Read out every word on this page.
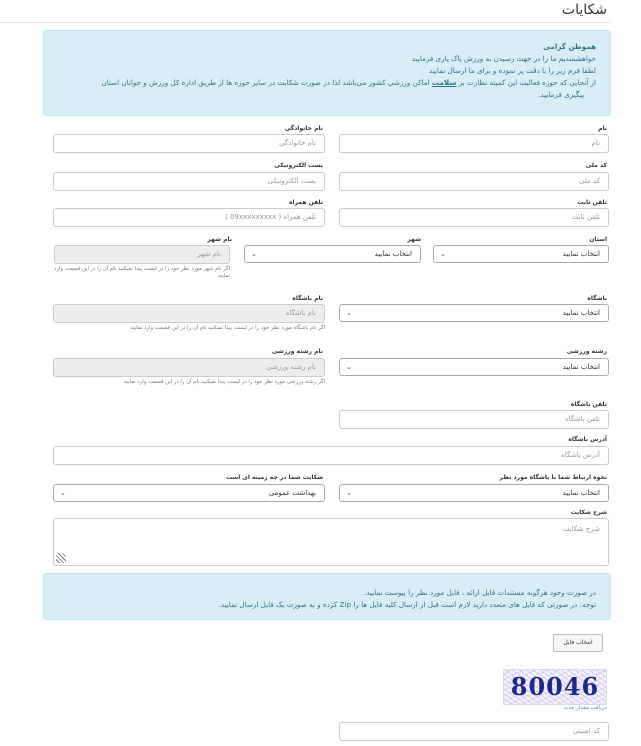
شکایات
هموطن گرامی
خواهشمندیم ما را در جهت رسیدن به ورزش پاک یاری فرمایید
لطفا فرم زیر را با دقت پر نموده و برای ما ارسال نمایید
از آنجایی که حوزه فعالیت این کمیته نظارت بر سلامت اماکن ورزشی کشور می‌باشد لذا در صورت شکایت در سایر حوزه ها از طریق اداره کل ورزش و جوانان استان
پیگیری فرمایید.
نام
نام
نام خانوادگی
نام خانوادگی
کد ملی
کد ملی
پست الکترونیکی
پست الکترونیکی
تلفن ثابت
تلفن ثابت
تلفن همراه
تلفن همراه ( 09xxxxxxxxx )
استان
انتخاب نمایید
⌄
شهر
انتخاب نمایید
⌄
نام شهر
نام شهر
اگر نام شهر مورد نظر خود را در لیست پیدا نمیکنید نام آن را در این قسمت وارد نمایید
باشگاه
انتخاب نمایید
⌄
نام باشگاه
نام باشگاه
اگر نام باشگاه مورد نظر خود را در لیست پیدا نمیکنید نام آن را در این قسمت وارد نمایید
رشته ورزشی
انتخاب نمایید
⌄
نام رشته ورزشی
نام رشته ورزشی
اگر رشته ورزشی مورد نظر خود را در لیست پیدا نمیکنید نام آن را در این قسمت وارد نمایید
تلفن باشگاه
تلفن باشگاه
آدرس باشگاه
آدرس باشگاه
نحوه ارتباط شما با باشگاه مورد نظر
انتخاب نمایید
⌄
شکایت شما در چه زمینه ای است
بهداشت عمومی
⌄
شرح شکایت
شرح شکایت
در صورت وجود هرگونه مستندات قابل ارائه ، فایل مورد نظر را پیوست نمایید.
توجه: در صورتی که فایل های متعدد دارید لازم است قبل از ارسال کلیه فایل ها را Zip کرده و به صورت یک فایل ارسال نمایید.
انتخاب فایل
80046
دریافت مقدار جدید
کد امنیتی
